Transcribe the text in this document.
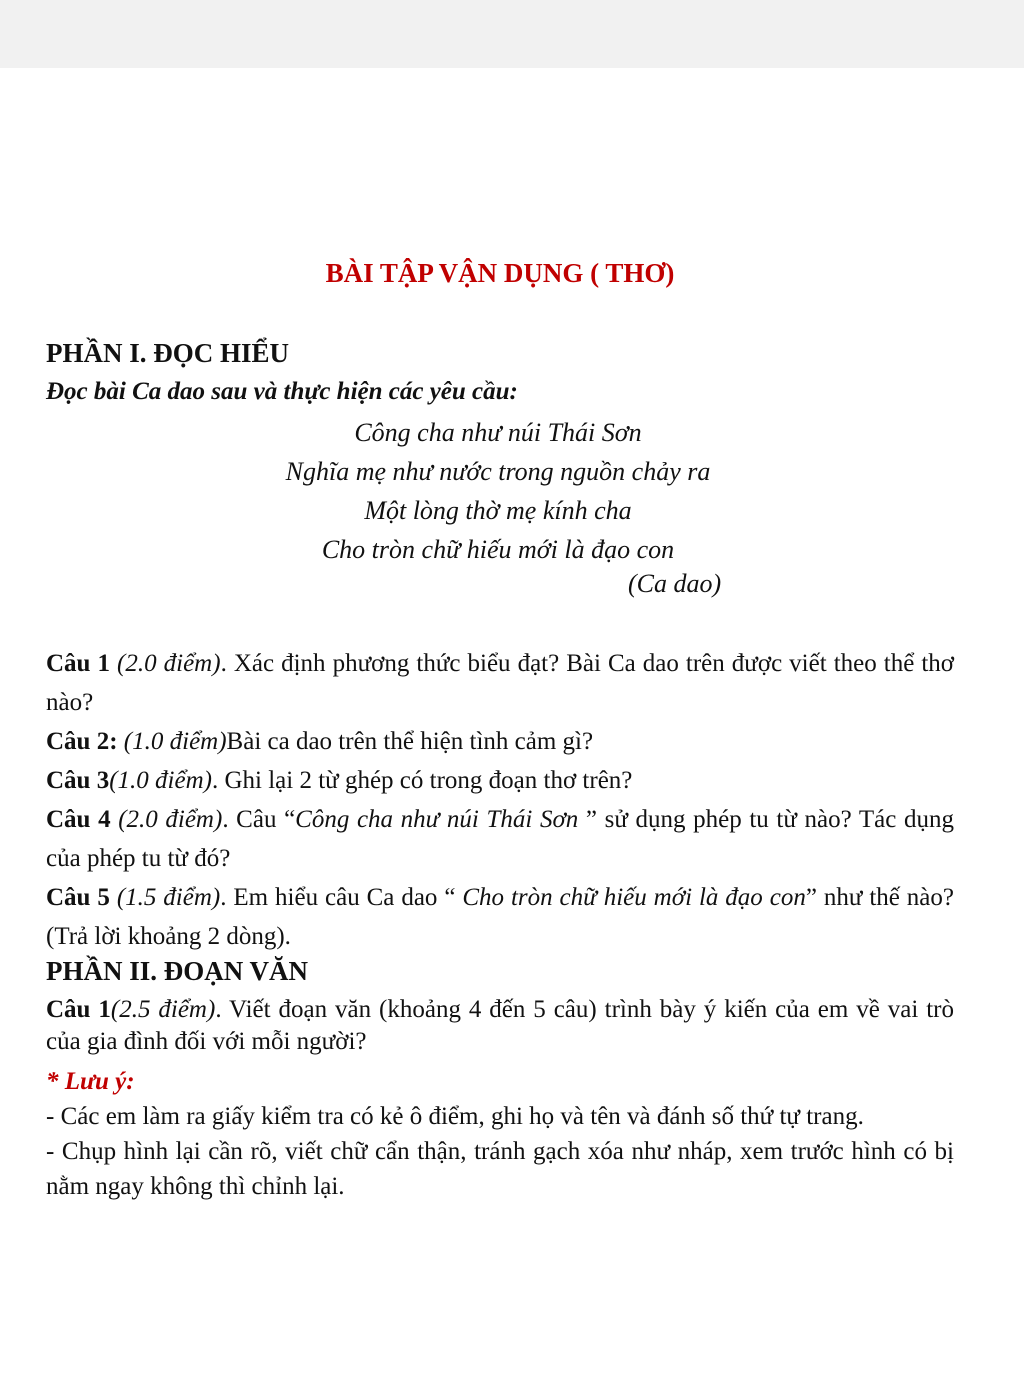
BÀI TẬP VẬN DỤNG ( THƠ)
PHẦN I. ĐỌC HIỂU
Đọc bài Ca dao sau và thực hiện các yêu cầu:
Công cha như núi Thái Sơn
Nghĩa mẹ như nước trong nguồn chảy ra
Một lòng thờ mẹ kính cha
Cho tròn chữ hiếu mới là đạo con
(Ca dao)
Câu 1 (2.0 điểm). Xác định phương thức biểu đạt? Bài Ca dao trên được viết theo thể thơ nào?
Câu 2: (1.0 điểm)Bài ca dao trên thể hiện tình cảm gì?
Câu 3(1.0 điểm). Ghi lại 2 từ ghép có trong đoạn thơ trên?
Câu 4 (2.0 điểm). Câu “Công cha như núi Thái Sơn ” sử dụng phép tu từ nào? Tác dụng của phép tu từ đó?
Câu 5 (1.5 điểm). Em hiểu câu Ca dao “ Cho tròn chữ hiếu mới là đạo con” như thế nào? (Trả lời khoảng 2 dòng).
PHẦN II. ĐOẠN VĂN
Câu 1(2.5 điểm). Viết đoạn văn (khoảng 4 đến 5 câu) trình bày ý kiến của em về vai trò của gia đình đối với mỗi người?
* Lưu ý:
- Các em làm ra giấy kiểm tra có kẻ ô điểm, ghi họ và tên và đánh số thứ tự trang.
- Chụp hình lại cần rõ, viết chữ cẩn thận, tránh gạch xóa như nháp, xem trước hình có bị nằm ngay không thì chỉnh lại.
